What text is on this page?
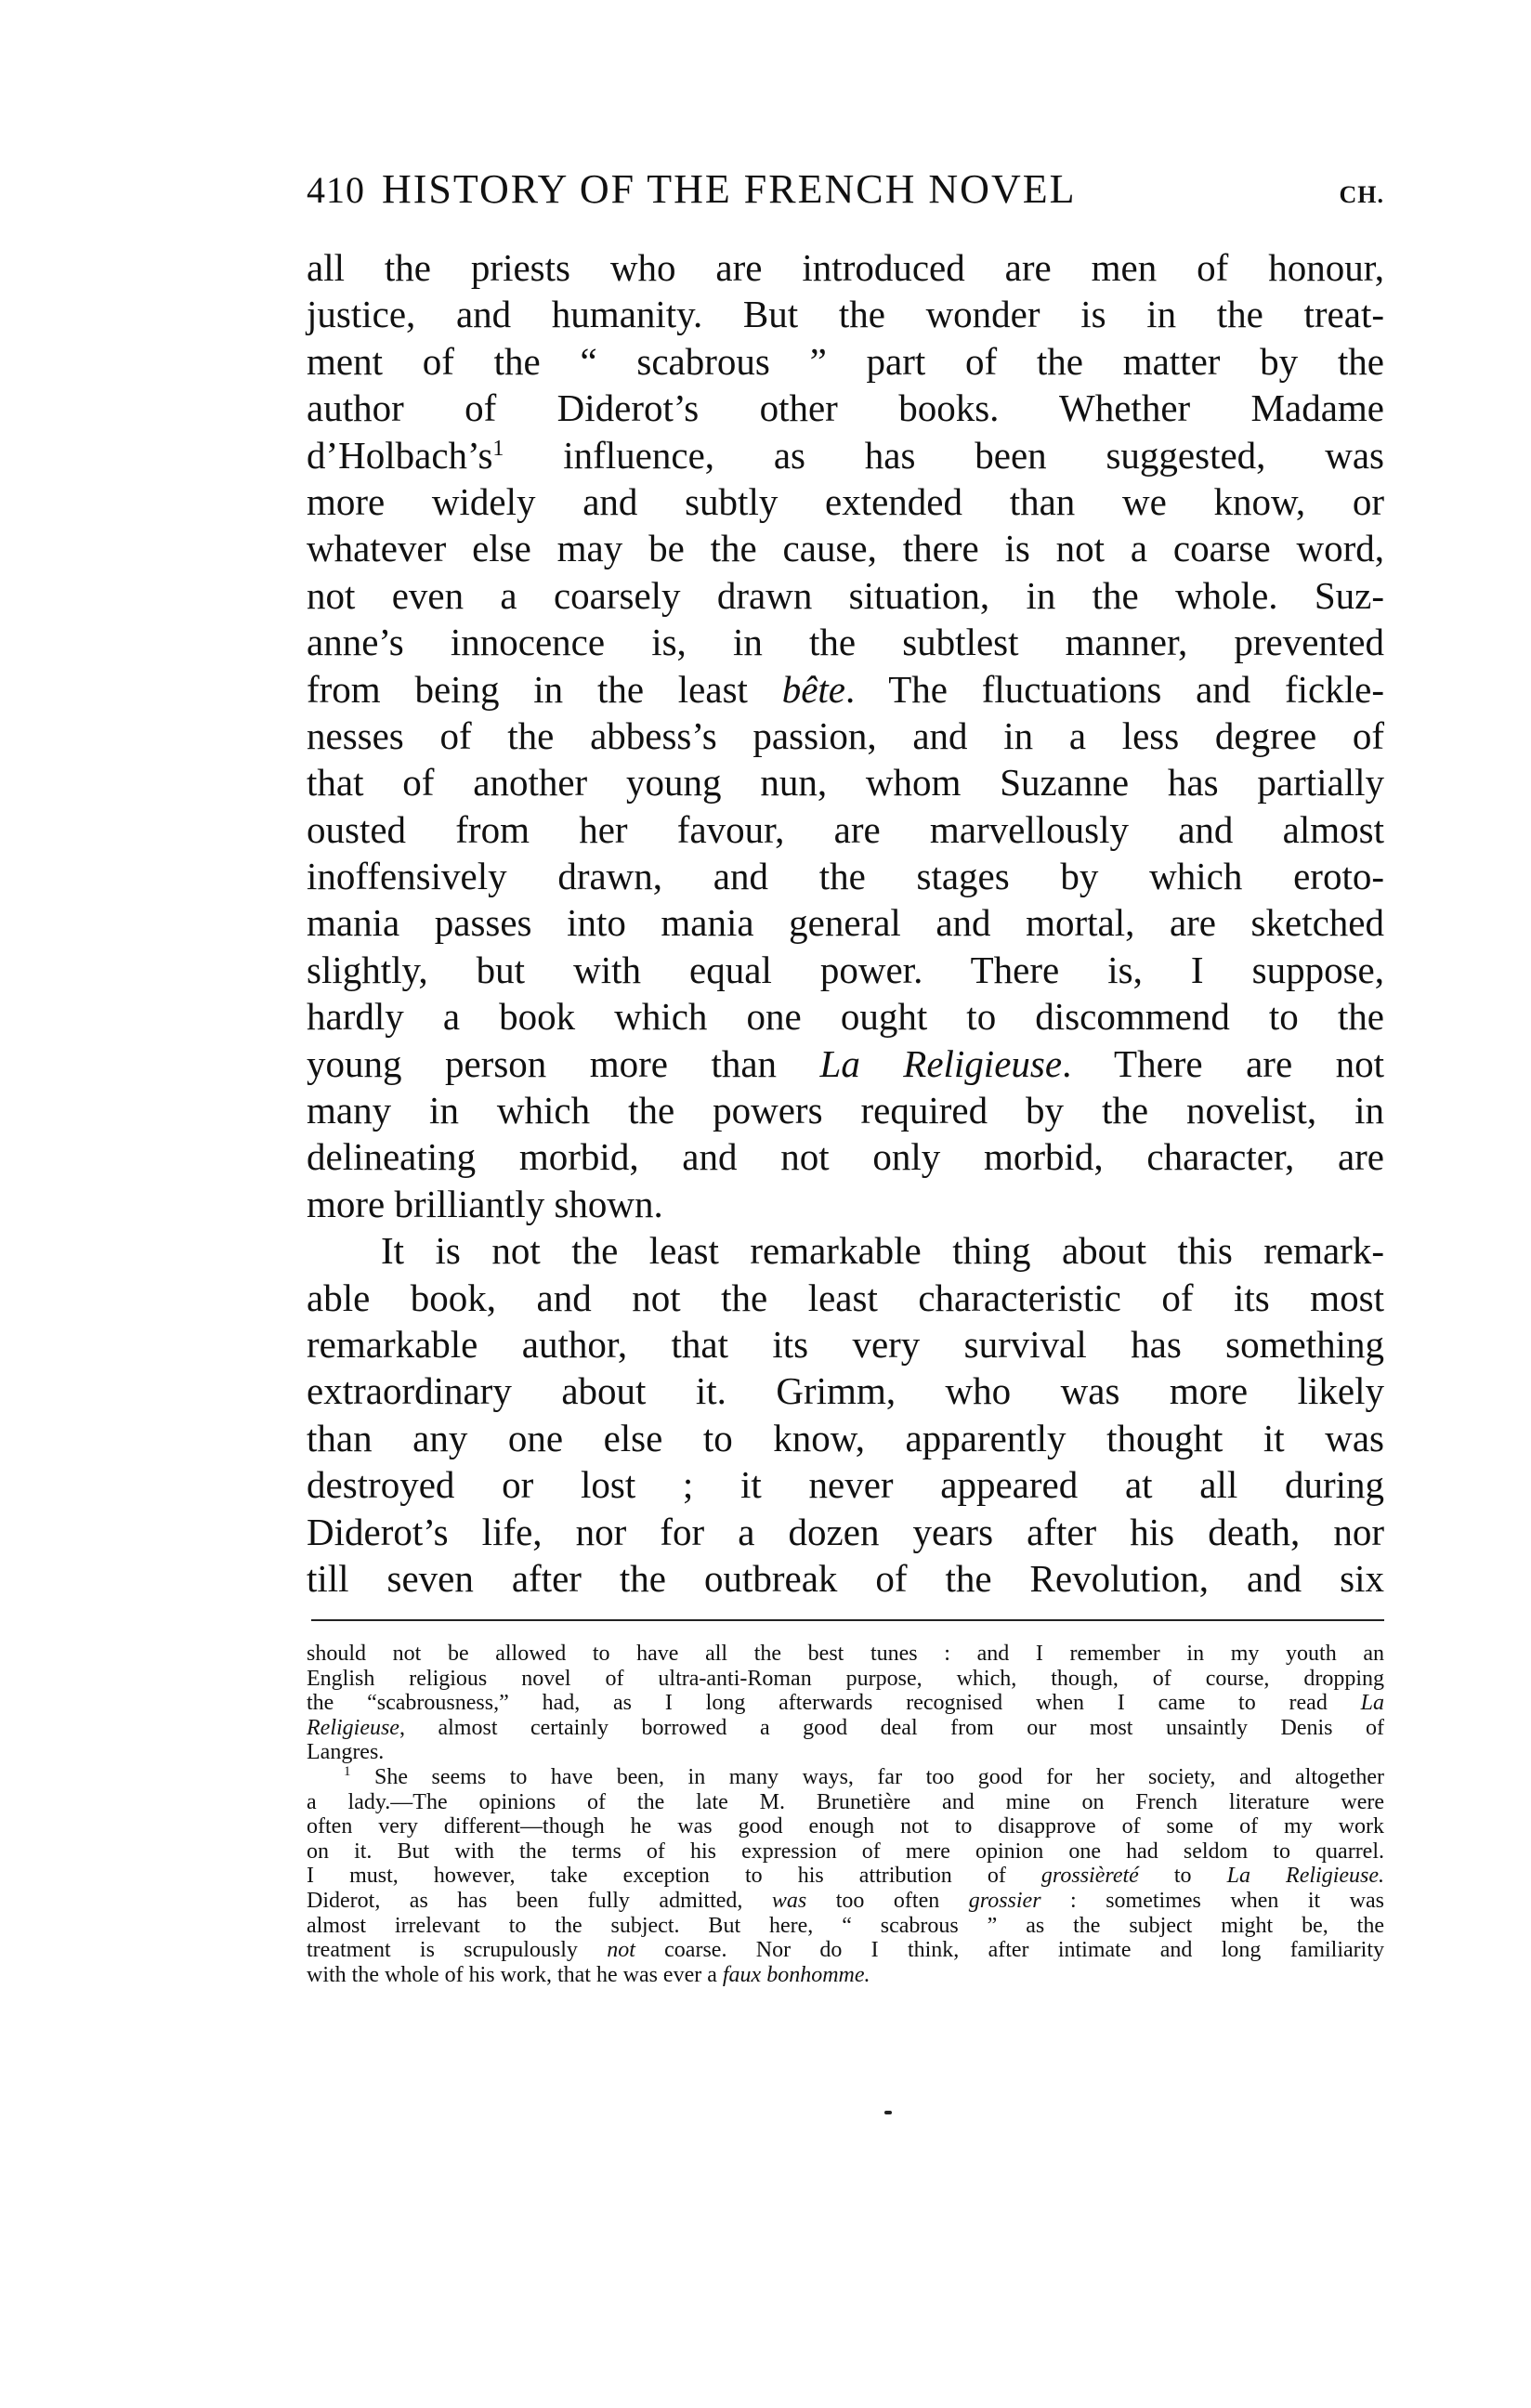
410 HISTORY OF THE FRENCH NOVEL	CH.
all the priests who are introduced are men of honour,
justice, and humanity. But the wonder is in the treat-
ment of the “ scabrous ” part of the matter by the
author of Diderot’s other books. Whether Madame
$d’Holbach’s^1$ influence, as has been suggested, was
more widely and subtly extended than we know, or
whatever else may be the cause, there is not a coarse word,
not even a coarsely drawn situation, in the whole. Suz-
anne’s innocence is, in the subtlest manner, prevented
from being in the least bête. The fluctuations and fickle-
nesses of the abbess’s passion, and in a less degree of
that of another young nun, whom Suzanne has partially
ousted from her favour, are marvellously and almost
inoffensively drawn, and the stages by which eroto-
mania passes into mania general and mortal, are sketched
slightly, but with equal power. There is, I suppose,
hardly a book which one ought to discommend to the
young person more than La Religieuse. There are not
many in which the powers required by the novelist, in
delineating morbid, and not only morbid, character, are
more brilliantly shown.
It is not the least remarkable thing about this remark-
able book, and not the least characteristic of its most
remarkable author, that its very survival has something
extraordinary about it. Grimm, who was more likely
than any one else to know, apparently thought it was
destroyed or lost ; it never appeared at all during
Diderot’s life, nor for a dozen years after his death, nor
till seven after the outbreak of the Revolution, and six
should not be allowed to have all the best tunes : and I remember in my youth an
English religious novel of ultra-anti-Roman purpose, which, though, of course, dropping
the “scabrousness,” had, as I long afterwards recognised when I came to read La
Religieuse, almost certainly borrowed a good deal from our most unsaintly Denis of
Langres.
$^1$ She seems to have been, in many ways, far too good for her society, and altogether
a lady.—The opinions of the late M. Brunetière and mine on French literature were
often very different—though he was good enough not to disapprove of some of my work
on it. But with the terms of his expression of mere opinion one had seldom to quarrel.
I must, however, take exception to his attribution of grossièreté to La Religieuse.
Diderot, as has been fully admitted, was too often grossier : sometimes when it was
almost irrelevant to the subject. But here, “ scabrous ” as the subject might be, the
treatment is scrupulously not coarse. Nor do I think, after intimate and long familiarity
with the whole of his work, that he was ever a faux bonhomme.
